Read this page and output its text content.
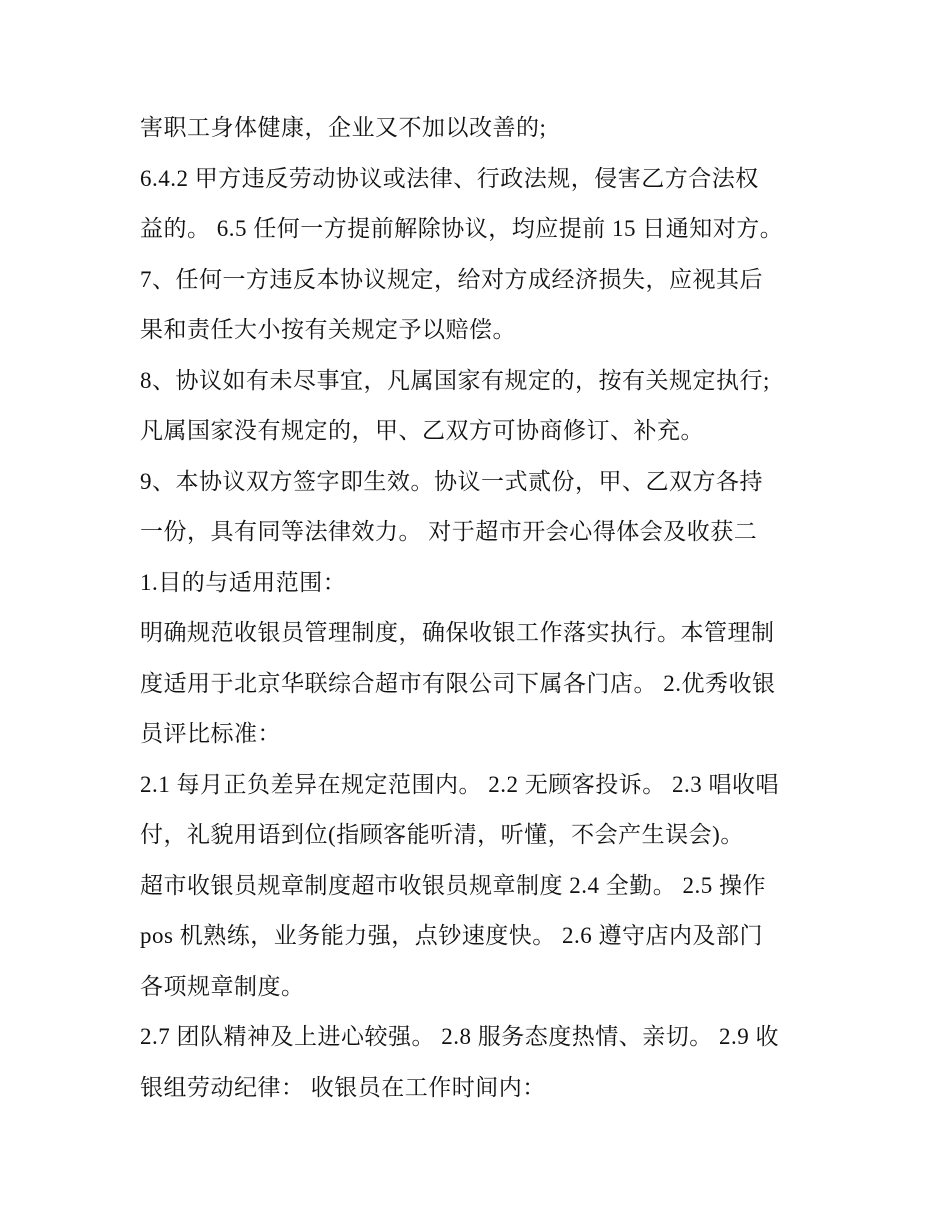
害职工身体健康，企业又不加以改善的;
6.4.2 甲方违反劳动协议或法律、行政法规，侵害乙方合法权
益的。 6.5 任何一方提前解除协议，均应提前 15 日通知对方。
7、任何一方违反本协议规定，给对方成经济损失，应视其后
果和责任大小按有关规定予以赔偿。
8、协议如有未尽事宜，凡属国家有规定的，按有关规定执行;
凡属国家没有规定的，甲、乙双方可协商修订、补充。
9、本协议双方签字即生效。协议一式贰份，甲、乙双方各持
一份，具有同等法律效力。 对于超市开会心得体会及收获二
1.目的与适用范围：
明确规范收银员管理制度，确保收银工作落实执行。本管理制
度适用于北京华联综合超市有限公司下属各门店。 2.优秀收银
员评比标准：
2.1 每月正负差异在规定范围内。 2.2 无顾客投诉。 2.3 唱收唱
付，礼貌用语到位(指顾客能听清，听懂，不会产生误会)。
超市收银员规章制度超市收银员规章制度 2.4 全勤。 2.5 操作
pos 机熟练，业务能力强，点钞速度快。 2.6 遵守店内及部门
各项规章制度。
2.7 团队精神及上进心较强。 2.8 服务态度热情、亲切。 2.9 收
银组劳动纪律： 收银员在工作时间内：
